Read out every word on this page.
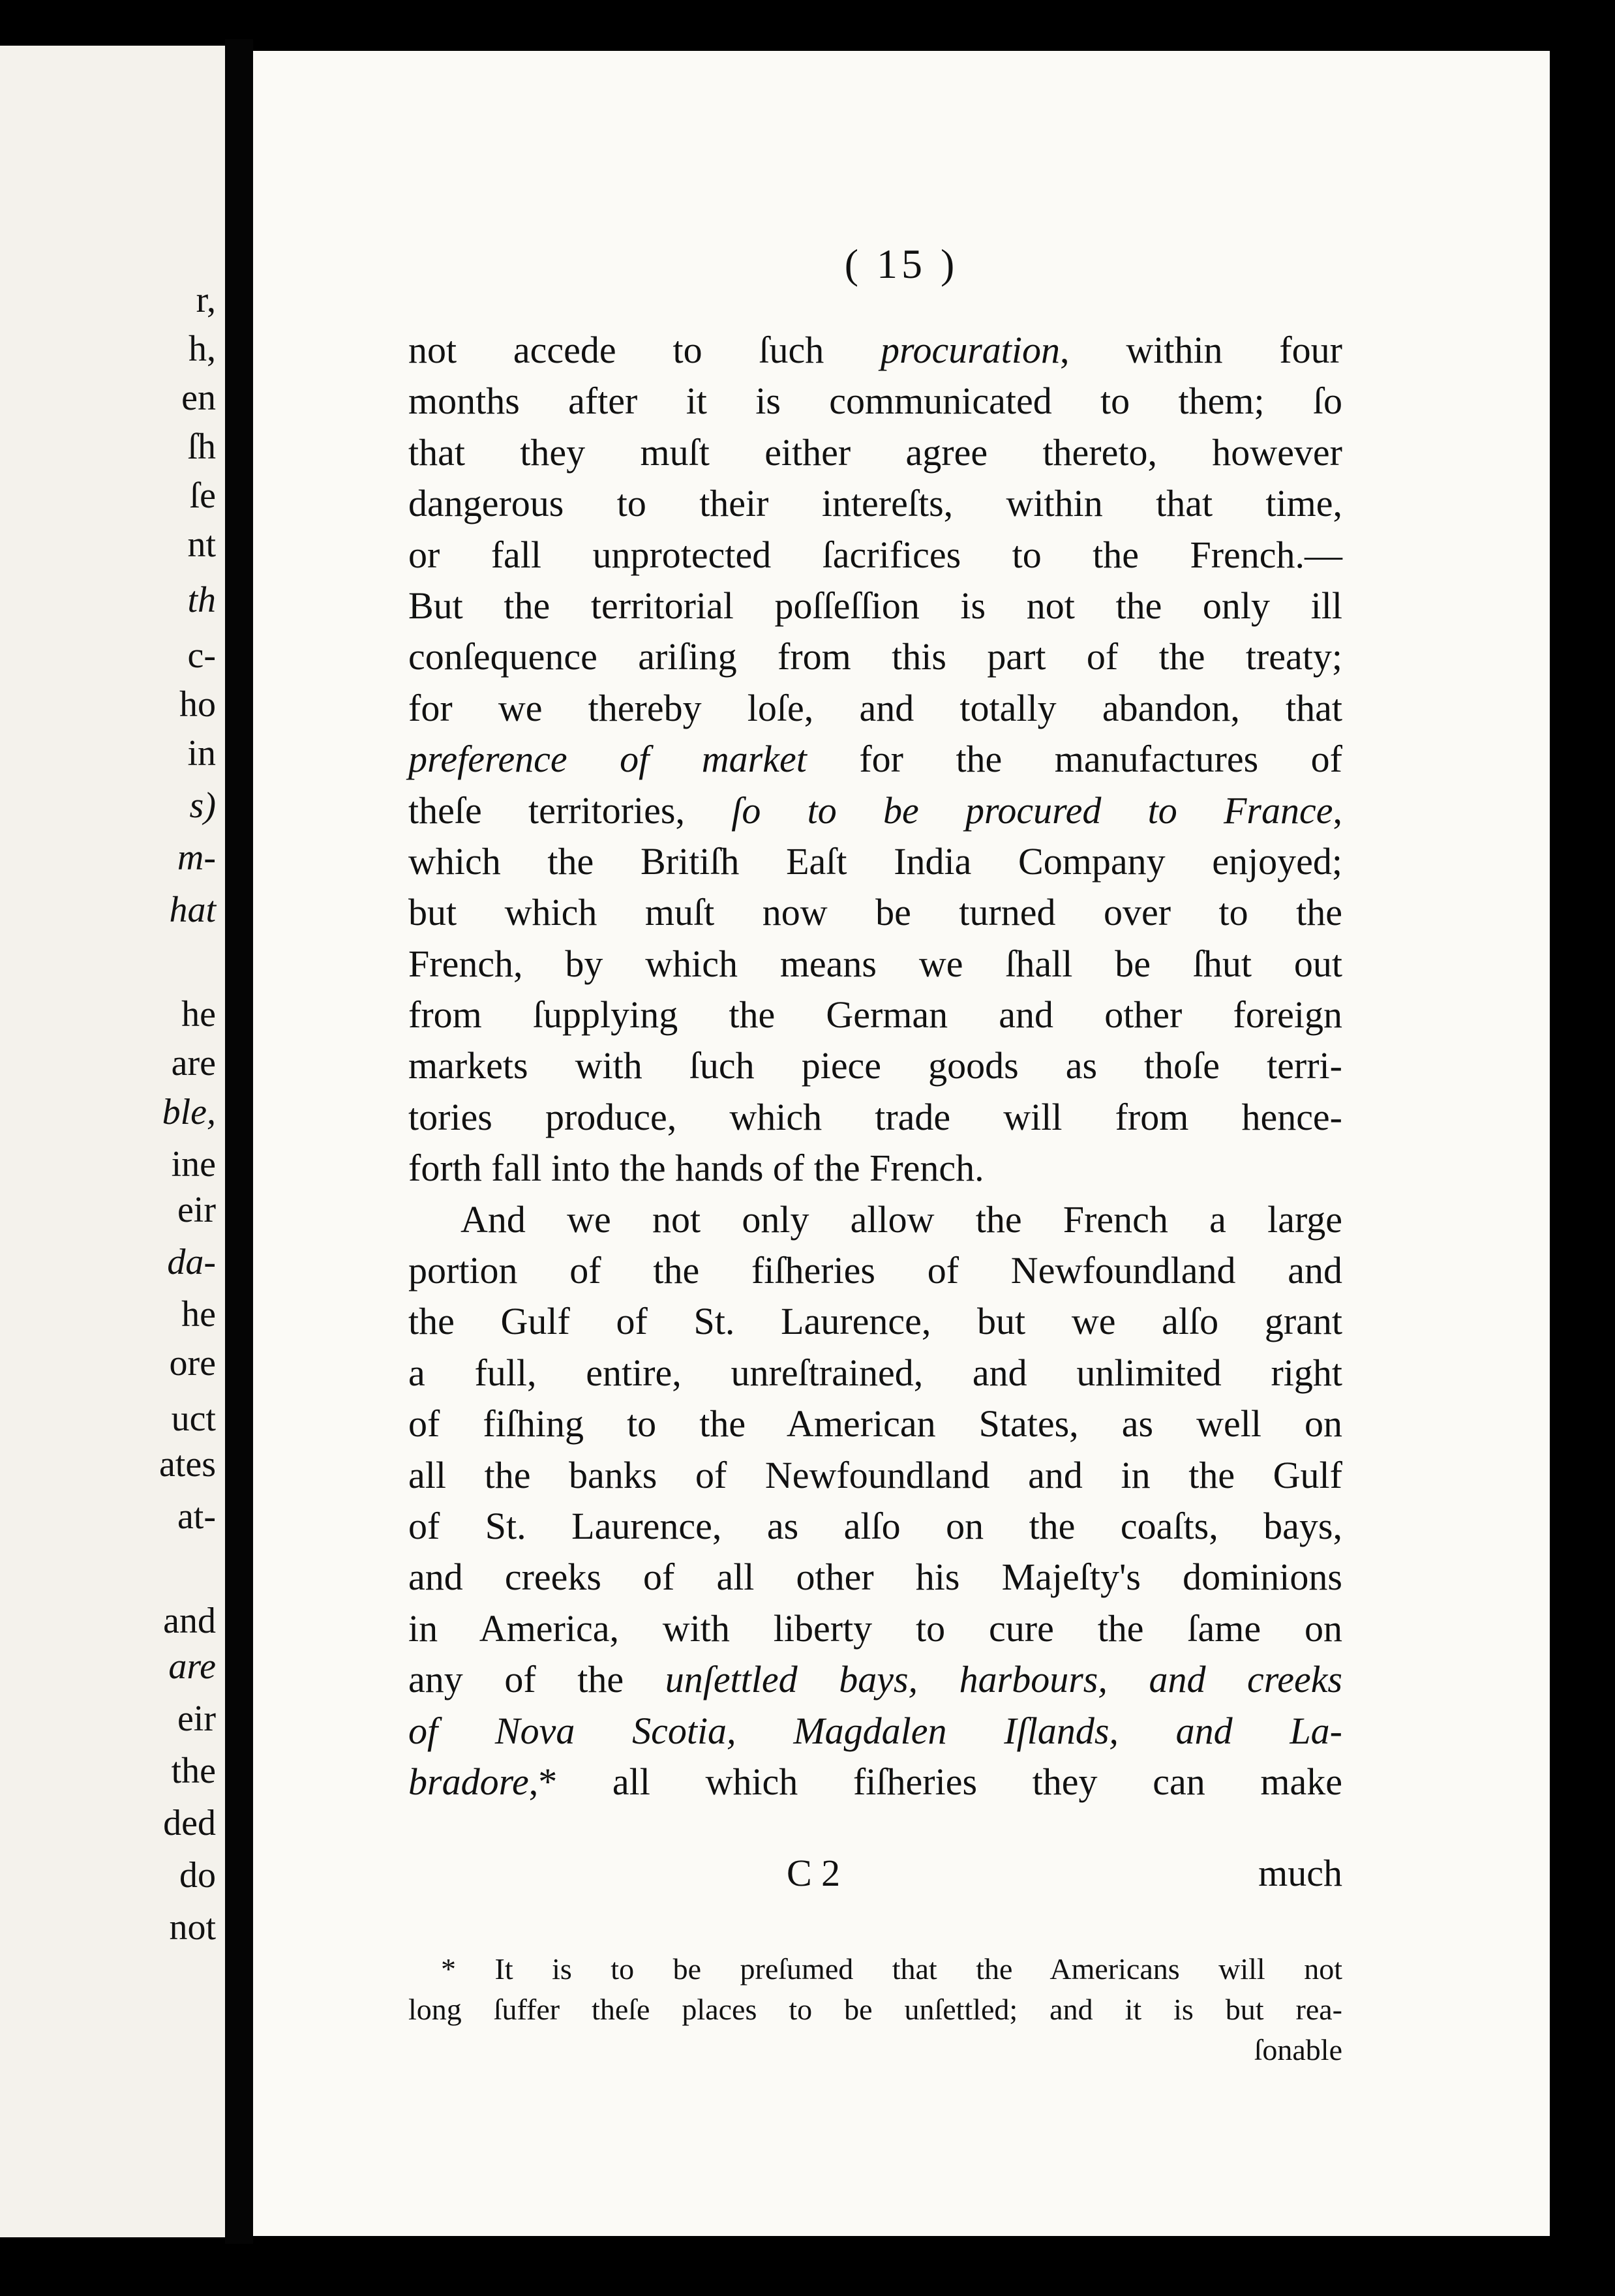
r,
h,
en
ſh
ſe
nt
th
c-
ho
in
s)
m-
hat
he
are
ble,
ine
eir
da-
he
ore
uct
ates
at-
and
are
eir
the
ded
do
not
( 15 )
not accede to ſuch procuration, within four
months after it is communicated to them; ſo
that they muſt either agree thereto, however
dangerous to their intereſts, within that time,
or fall unprotected ſacrifices to the French.—
But the territorial poſſeſſion is not the only ill
conſequence ariſing from this part of the treaty;
for we thereby loſe, and totally abandon, that
preference of market for the manufactures of
theſe territories, ſo to be procured to France,
which the Britiſh Eaſt India Company enjoyed;
but which muſt now be turned over to the
French, by which means we ſhall be ſhut out
from ſupplying the German and other foreign
markets with ſuch piece goods as thoſe terri-
tories produce, which trade will from hence-
forth fall into the hands of the French.
And we not only allow the French a large
portion of the fiſheries of Newfoundland and
the Gulf of St. Laurence, but we alſo grant
a full, entire, unreſtrained, and unlimited right
of fiſhing to the American States, as well on
all the banks of Newfoundland and in the Gulf
of St. Laurence, as alſo on the coaſts, bays,
and creeks of all other his Majeſty's dominions
in America, with liberty to cure the ſame on
any of the unſettled bays, harbours, and creeks
of Nova Scotia, Magdalen Iſlands, and La-
bradore,* all which fiſheries they can make
C 2	much
* It is to be preſumed that the Americans will not
long ſuffer theſe places to be unſettled; and it is but rea-
ſonable
